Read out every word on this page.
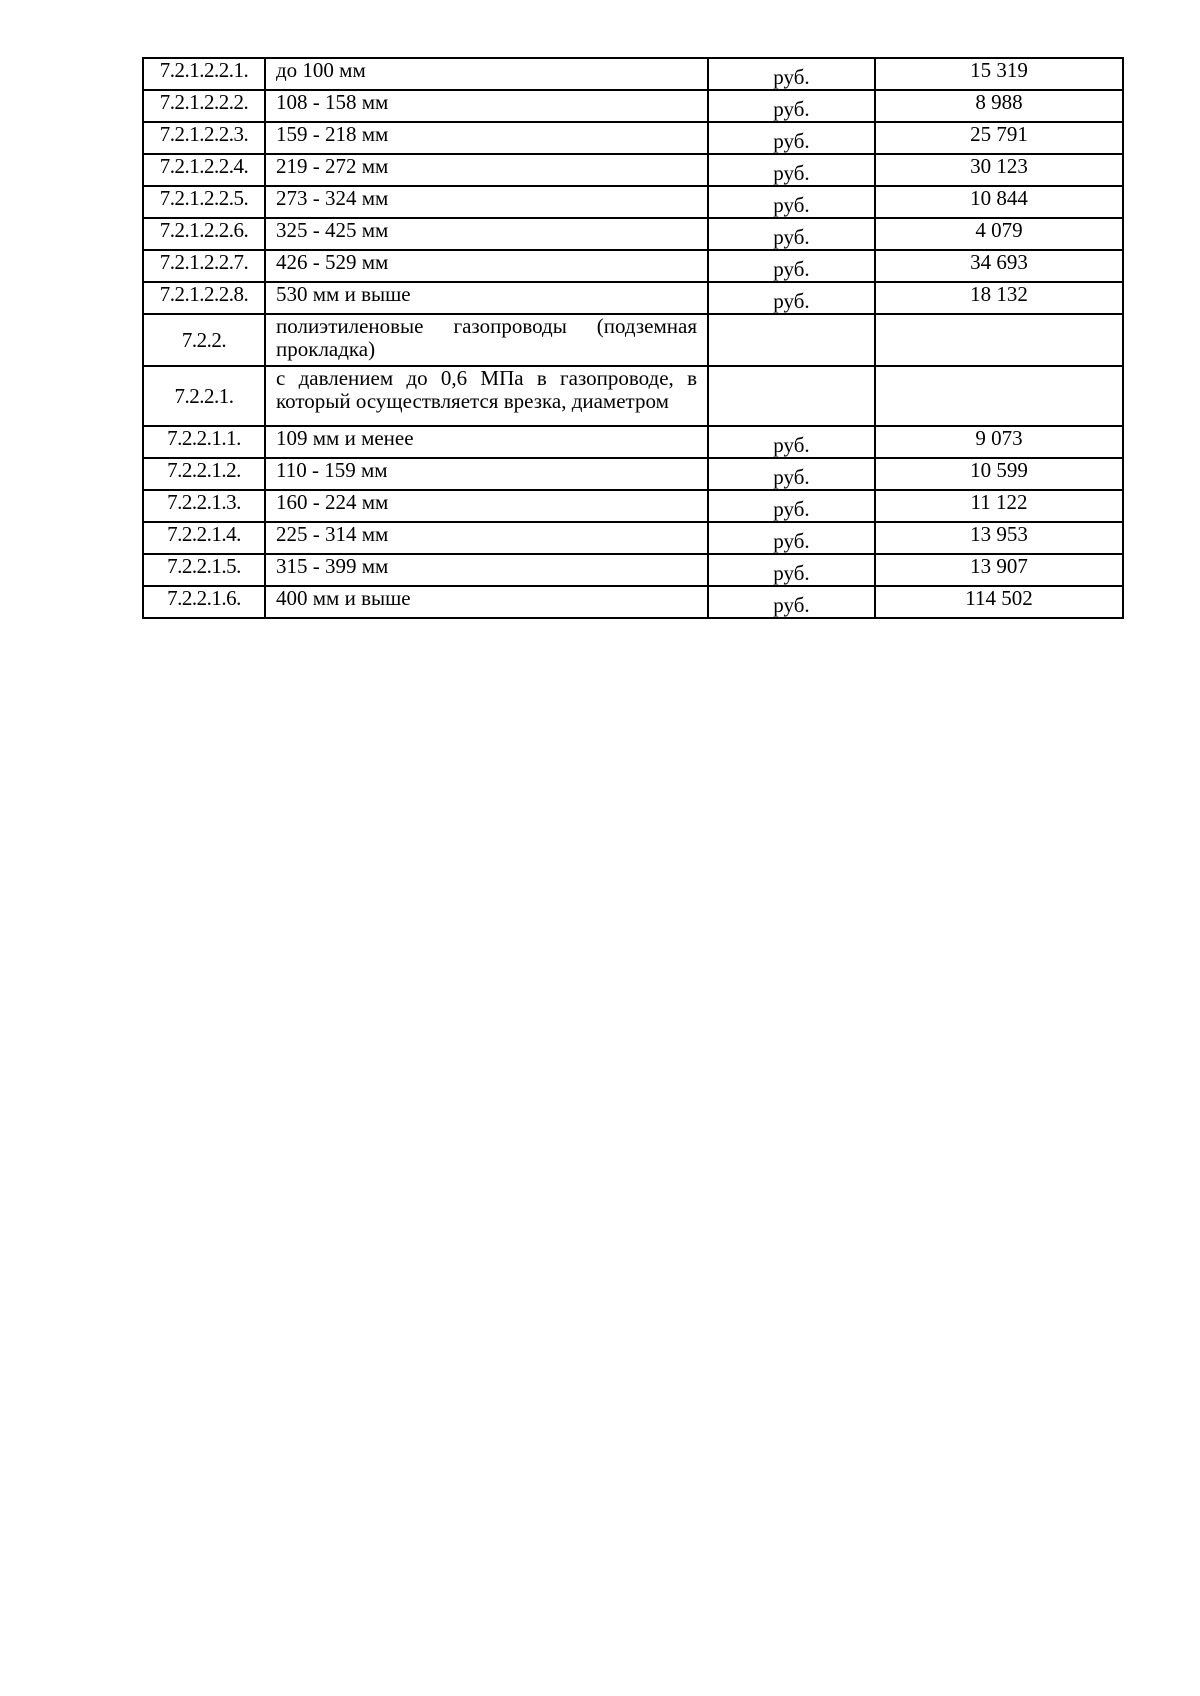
7.2.1.2.2.1.	до 100 мм	руб.	15 319
7.2.1.2.2.2.	108 - 158 мм	руб.	8 988
7.2.1.2.2.3.	159 - 218 мм	руб.	25 791
7.2.1.2.2.4.	219 - 272 мм	руб.	30 123
7.2.1.2.2.5.	273 - 324 мм	руб.	10 844
7.2.1.2.2.6.	325 - 425 мм	руб.	4 079
7.2.1.2.2.7.	426 - 529 мм	руб.	34 693
7.2.1.2.2.8.	530 мм и выше	руб.	18 132
7.2.2.	полиэтиленовые газопроводы (подземная прокладка)		
7.2.2.1.	с давлением до 0,6 МПа в газопроводе, в который осуществляется врезка, диаметром		
7.2.2.1.1.	109 мм и менее	руб.	9 073
7.2.2.1.2.	110 - 159 мм	руб.	10 599
7.2.2.1.3.	160 - 224 мм	руб.	11 122
7.2.2.1.4.	225 - 314 мм	руб.	13 953
7.2.2.1.5.	315 - 399 мм	руб.	13 907
7.2.2.1.6.	400 мм и выше	руб.	114 502
